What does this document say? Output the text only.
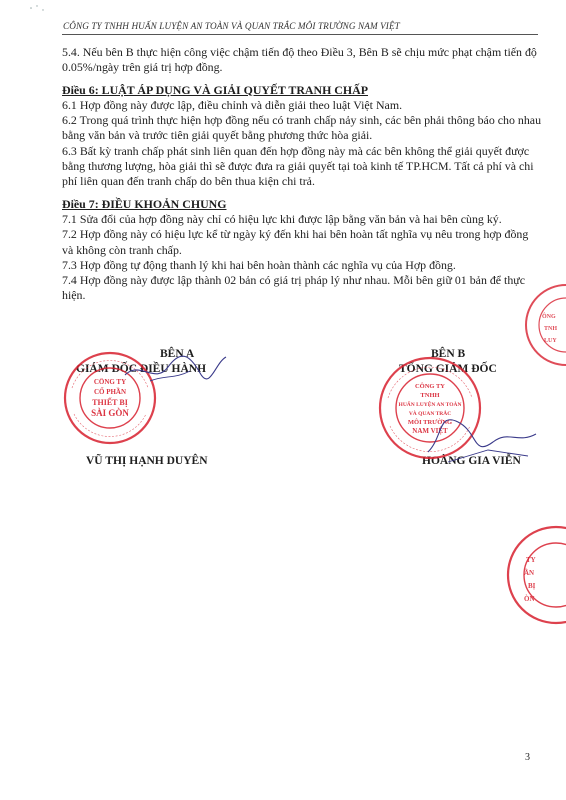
CÔNG TY TNHH HUẤN LUYỆN AN TOÀN VÀ QUAN TRẮC MÔI TRƯỜNG NAM VIỆT

5.4. Nếu bên B thực hiện công việc chậm tiến độ theo Điều 3, Bên B sẽ chịu mức phạt chậm tiến độ 0.05%/ngày trên giá trị hợp đồng.

Điều 6: LUẬT ÁP DỤNG VÀ GIẢI QUYẾT TRANH CHẤP

6.1 Hợp đồng này được lập, điều chỉnh và diễn giải theo luật Việt Nam.

6.2 Trong quá trình thực hiện hợp đồng nếu có tranh chấp nảy sinh, các bên phải thông báo cho nhau bằng văn bản và trước tiên giải quyết bằng phương thức hòa giải.

6.3 Bất kỳ tranh chấp phát sinh liên quan đến hợp đồng này mà các bên không thể giải quyết được bằng thương lượng, hòa giải thì sẽ được đưa ra giải quyết tại toà kinh tế TP.HCM. Tất cả phí và chi phí liên quan đến tranh chấp do bên thua kiện chi trả.

Điều 7: ĐIỀU KHOẢN CHUNG

7.1 Sửa đổi của hợp đồng này chỉ có hiệu lực khi được lập bằng văn bản và hai bên cùng ký.

7.2 Hợp đồng này có hiệu lực kể từ ngày ký đến khi hai bên hoàn tất nghĩa vụ nêu trong hợp đồng và không còn tranh chấp.

7.3 Hợp đồng tự động thanh lý khi hai bên hoàn thành các nghĩa vụ của Hợp đồng.

7.4 Hợp đồng này được lập thành 02 bản có giá trị pháp lý như nhau. Mỗi bên giữ 01 bản để thực hiện.

BÊN A
GIÁM ĐỐC ĐIỀU HÀNH
VŨ THỊ HẠNH DUYÊN
BÊN B
TỔNG GIÁM ĐỐC
HOÀNG GIA VIỄN
CÔNG TY
CỔ PHẦN
THIẾT BỊ
SÀI GÒN
CÔNG TY
TNHH
HUẤN LUYỆN AN TOÀN
VÀ QUAN TRẮC
MÔI TRƯỜNG
NAM VIỆT
TY
ẦN
BỊ
ÒN
ÔNG
TNH
LUY
3
